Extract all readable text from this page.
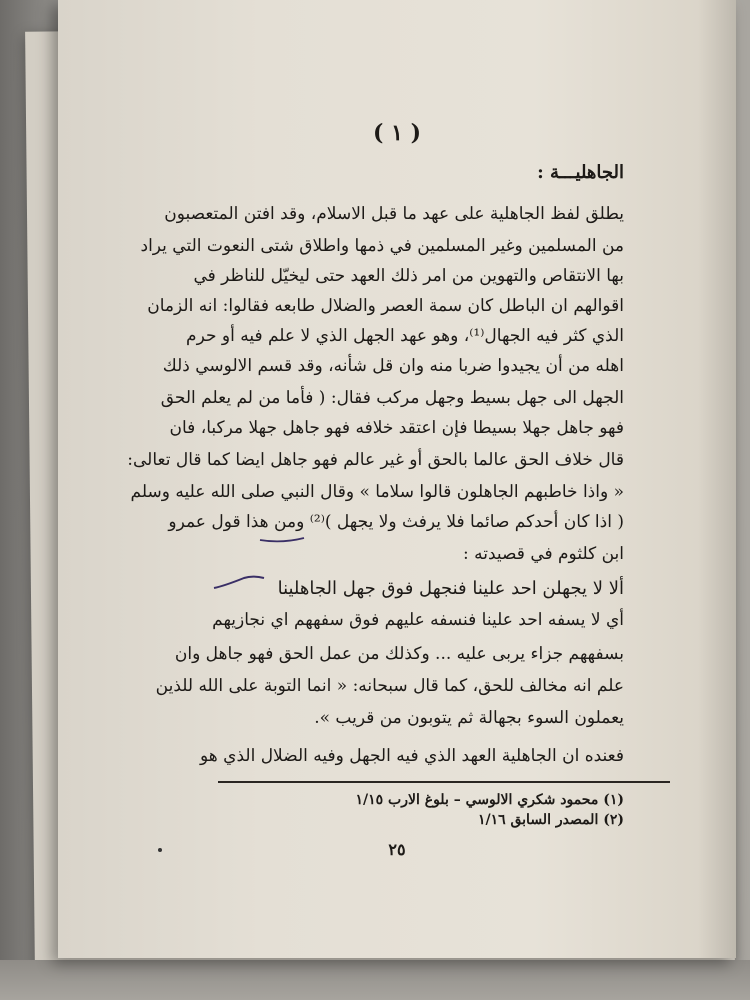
( ١ )
الجاهليـــة :
يطلق لفظ الجاهلية على عهد ما قبل الاسلام، وقد افتن المتعصبون
من المسلمين وغير المسلمين في ذمها واطلاق شتى النعوت التي يراد
بها الانتقاص والتهوين من امر ذلك العهد حتى ليخيّل للناظر في
اقوالهم ان الباطل كان سمة العصر والضلال طابعه فقالوا: انه الزمان
الذي كثر فيه الجهال⁽¹⁾، وهو عهد الجهل الذي لا علم فيه أو حرم
اهله من أن يجيدوا ضربا منه وان قل شأنه، وقد قسم الالوسي ذلك
الجهل الى جهل بسيط وجهل مركب فقال: ( فأما من لم يعلم الحق
فهو جاهل جهلا بسيطا فإن اعتقد خلافه فهو جاهل جهلا مركبا، فان
قال خلاف الحق عالما بالحق أو غير عالم فهو جاهل ايضا كما قال تعالى:
« واذا خاطبهم الجاهلون قالوا سلاما » وقال النبي صلى الله عليه وسلم
( اذا كان أحدكم صائما فلا يرفث ولا يجهل )⁽²⁾ ومن هذا قول عمرو
ابن كلثوم في قصيدته :
ألا لا يجهلن احد علينا فنجهل فوق جهل الجاهلينا
أي لا يسفه احد علينا فنسفه عليهم فوق سفههم اي نجازيهم
بسفههم جزاء يربى عليه ... وكذلك من عمل الحق فهو جاهل وان
علم انه مخالف للحق، كما قال سبحانه: « انما التوبة على الله للذين
يعملون السوء بجهالة ثم يتوبون من قريب ».
فعنده ان الجاهلية العهد الذي فيه الجهل وفيه الضلال الذي هو
(١) محمود شكري الالوسي – بلوغ الارب ١/١٥
(٢) المصدر السابق ١/١٦
٢٥
